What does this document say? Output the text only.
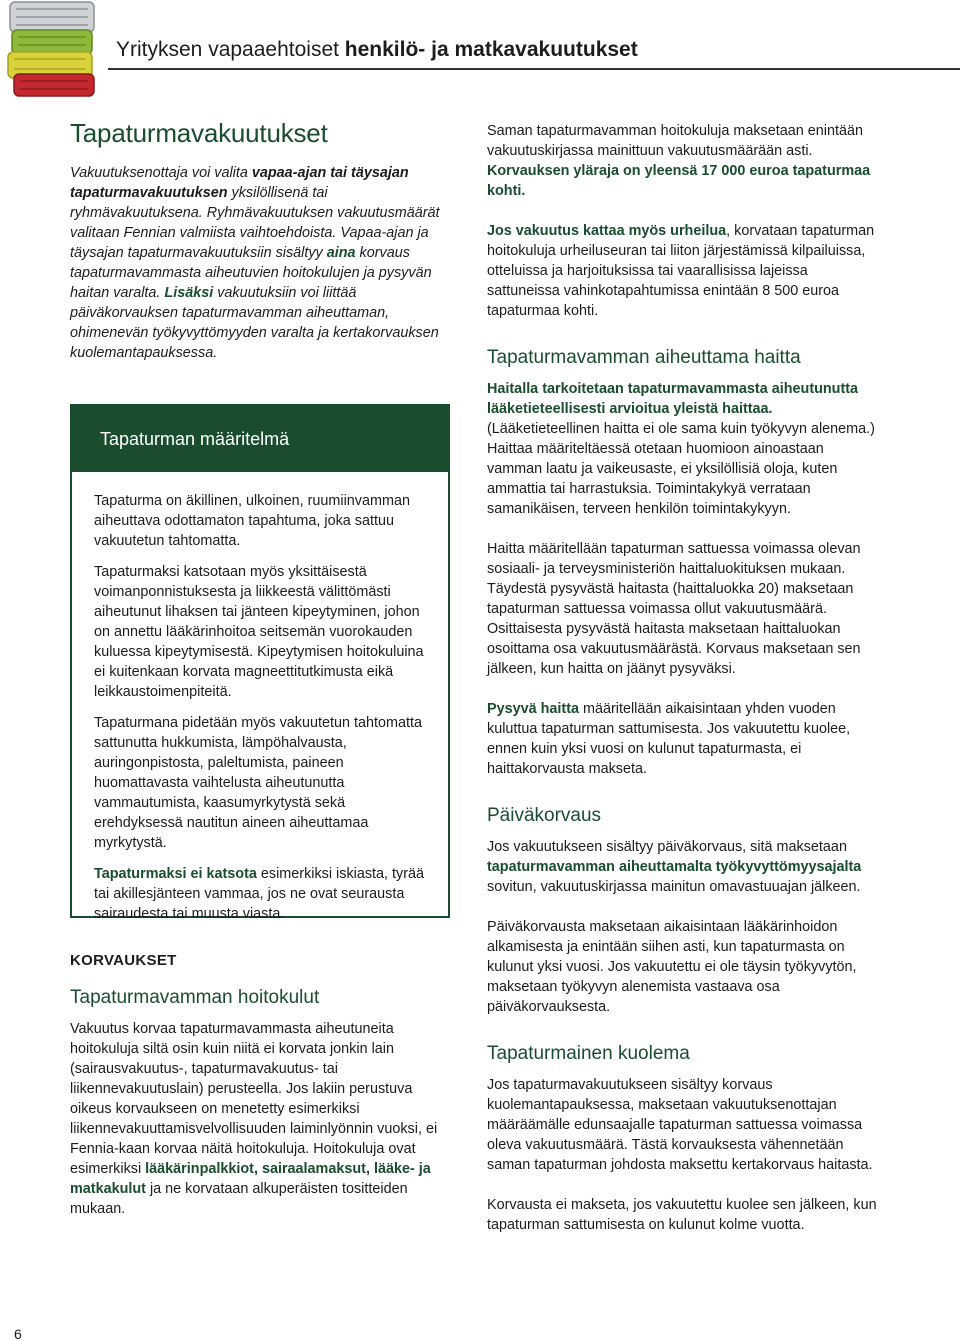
Yrityksen vapaaehtoiset henkilö- ja matkavakuutukset
Tapaturmavakuutukset

Vakuutuksenottaja voi valita vapaa-ajan tai täysajan tapaturmavakuutuksen yksilöllisenä tai ryhmävakuutuksena. Ryhmävakuutuksen vakuutusmäärät valitaan Fennian valmiista vaihtoehdoista. Vapaa-ajan ja täysajan tapaturmavakuutuksiin sisältyy aina korvaus tapaturmavammasta aiheutuvien hoitokulujen ja pysyvän haitan varalta. Lisäksi vakuutuksiin voi liittää päiväkorvauksen tapaturmavamman aiheuttaman, ohimenevän työkyvyttömyyden varalta ja kertakorvauksen kuolemantapauksessa.

Tapaturman määritelmä

Tapaturma on äkillinen, ulkoinen, ruumiinvamman aiheuttava odottamaton tapahtuma, joka sattuu vakuutetun tahtomatta.

Tapaturmaksi katsotaan myös yksittäisestä voimanponnistuksesta ja liikkeestä välittömästi aiheutunut lihaksen tai jänteen kipeytyminen, johon on annettu lääkärinhoitoa seitsemän vuorokauden kuluessa kipeytymisestä. Kipeytymisen hoitokuluina ei kuitenkaan korvata magneettitutkimusta eikä leikkaustoimenpiteitä.

Tapaturmana pidetään myös vakuutetun tahtomatta sattunutta hukkumista, lämpöhalvausta, auringonpistosta, paleltumista, paineen huomattavasta vaihtelusta aiheutunutta vammautumista, kaasumyrkytystä sekä erehdyksessä nautitun aineen aiheuttamaa myrkytystä.

Tapaturmaksi ei katsota esimerkiksi iskiasta, tyrää tai akillesjänteen vammaa, jos ne ovat seurausta sairaudesta tai muusta viasta.

KORVAUKSET
Tapaturmavamman hoitokulut

Vakuutus korvaa tapaturmavammasta aiheutuneita hoitokuluja siltä osin kuin niitä ei korvata jonkin lain (sairausvakuutus-, tapaturmavakuutus- tai liikennevakuutuslain) perusteella. Jos lakiin perustuva oikeus korvaukseen on menetetty esimerkiksi liikennevakuuttamisvelvollisuuden laiminlyönnin vuoksi, ei Fennia-kaan korvaa näitä hoitokuluja. Hoitokuluja ovat esimerkiksi lääkärinpalkkiot, sairaalamaksut, lääke- ja matkakulut ja ne korvataan alkuperäisten tositteiden mukaan.

Saman tapaturmavamman hoitokuluja maksetaan enintään vakuutuskirjassa mainittuun vakuutusmäärään asti. Korvauksen yläraja on yleensä 17 000 euroa tapaturmaa kohti.

Jos vakuutus kattaa myös urheilua, korvataan tapaturman hoitokuluja urheiluseuran tai liiton järjestämissä kilpailuissa, otteluissa ja harjoituksissa tai vaarallisissa lajeissa sattuneissa vahinkotapahtumissa enintään 8 500 euroa tapaturmaa kohti.

Tapaturmavamman aiheuttama haitta

Haitalla tarkoitetaan tapaturmavammasta aiheutunutta lääketieteellisesti arvioitua yleistä haittaa. (Lääketieteellinen haitta ei ole sama kuin työkyvyn alenema.) Haittaa määriteltäessä otetaan huomioon ainoastaan vamman laatu ja vaikeusaste, ei yksilöllisiä oloja, kuten ammattia tai harrastuksia. Toimintakykyä verrataan samanikäisen, terveen henkilön toimintakykyyn.

Haitta määritellään tapaturman sattuessa voimassa olevan sosiaali- ja terveysministeriön haittaluokituksen mukaan. Täydestä pysyvästä haitasta (haittaluokka 20) maksetaan tapaturman sattuessa voimassa ollut vakuutusmäärä. Osittaisesta pysyvästä haitasta maksetaan haittaluokan osoittama osa vakuutusmäärästä. Korvaus maksetaan sen jälkeen, kun haitta on jäänyt pysyväksi.

Pysyvä haitta määritellään aikaisintaan yhden vuoden kuluttua tapaturman sattumisesta. Jos vakuutettu kuolee, ennen kuin yksi vuosi on kulunut tapaturmasta, ei haittakorvausta makseta.

Päiväkorvaus

Jos vakuutukseen sisältyy päiväkorvaus, sitä maksetaan tapaturmavamman aiheuttamalta työkyvyttömyysajalta sovitun, vakuutuskirjassa mainitun omavastuuajan jälkeen.

Päiväkorvausta maksetaan aikaisintaan lääkärinhoidon alkamisesta ja enintään siihen asti, kun tapaturmasta on kulunut yksi vuosi. Jos vakuutettu ei ole täysin työkyvytön, maksetaan työkyvyn alenemista vastaava osa päiväkorvauksesta.

Tapaturmainen kuolema

Jos tapaturmavakuutukseen sisältyy korvaus kuolemantapauksessa, maksetaan vakuutuksenottajan määräämälle edunsaajalle tapaturman sattuessa voimassa oleva vakuutusmäärä. Tästä korvauksesta vähennetään saman tapaturman johdosta maksettu kertakorvaus haitasta.

Korvausta ei makseta, jos vakuutettu kuolee sen jälkeen, kun tapaturman sattumisesta on kulunut kolme vuotta.

6
